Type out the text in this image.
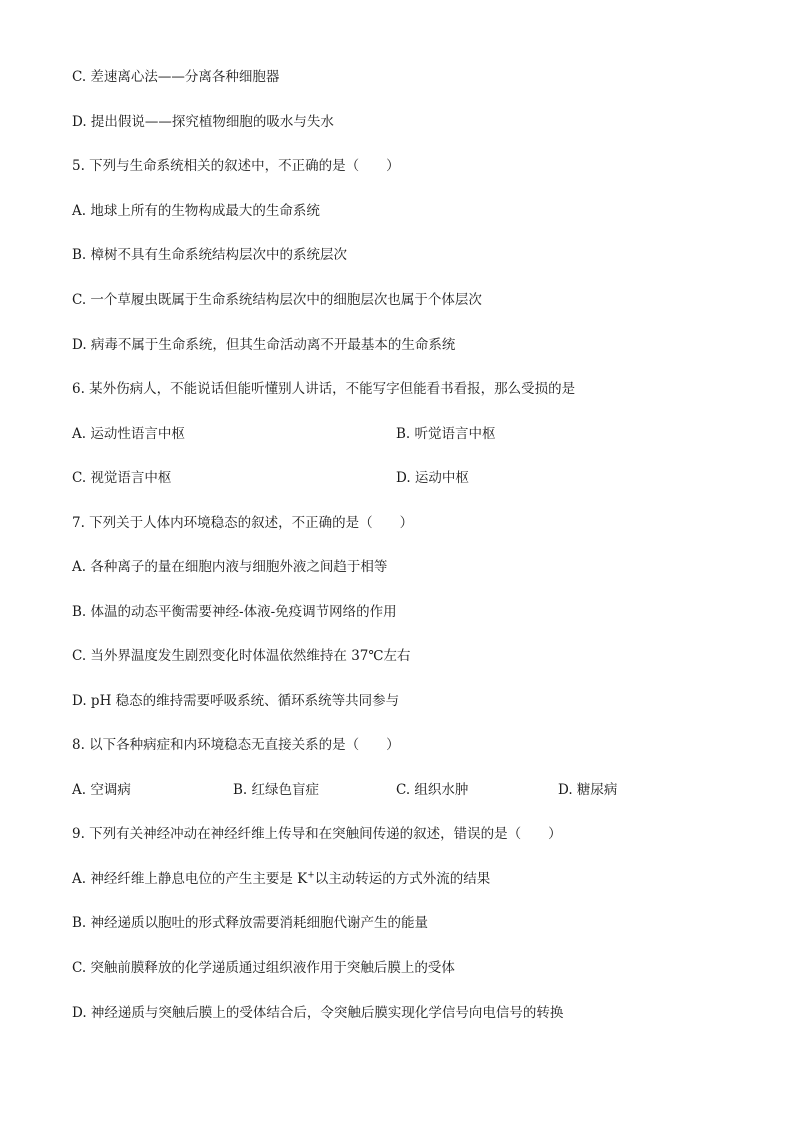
C. 差速离心法——分离各种细胞器
D. 提出假说——探究植物细胞的吸水与失水
5. 下列与生命系统相关的叙述中，不正确的是（　　）
A. 地球上所有的生物构成最大的生命系统
B. 樟树不具有生命系统结构层次中的系统层次
C. 一个草履虫既属于生命系统结构层次中的细胞层次也属于个体层次
D. 病毒不属于生命系统，但其生命活动离不开最基本的生命系统
6. 某外伤病人，不能说话但能听懂别人讲话，不能写字但能看书看报，那么受损的是
A. 运动性语言中枢	B. 听觉语言中枢
C. 视觉语言中枢	D. 运动中枢
7. 下列关于人体内环境稳态的叙述，不正确的是（　　）
A. 各种离子的量在细胞内液与细胞外液之间趋于相等
B. 体温的动态平衡需要神经-体液-免疫调节网络的作用
C. 当外界温度发生剧烈变化时体温依然维持在 37℃左右
D. pH 稳态的维持需要呼吸系统、循环系统等共同参与
8. 以下各种病症和内环境稳态无直接关系的是（　　）
A. 空调病	B. 红绿色盲症	C. 组织水肿	D. 糖尿病
9. 下列有关神经冲动在神经纤维上传导和在突触间传递的叙述，错误的是（　　）
A. 神经纤维上静息电位的产生主要是 K+以主动转运的方式外流的结果
B. 神经递质以胞吐的形式释放需要消耗细胞代谢产生的能量
C. 突触前膜释放的化学递质通过组织液作用于突触后膜上的受体
D. 神经递质与突触后膜上的受体结合后，令突触后膜实现化学信号向电信号的转换
